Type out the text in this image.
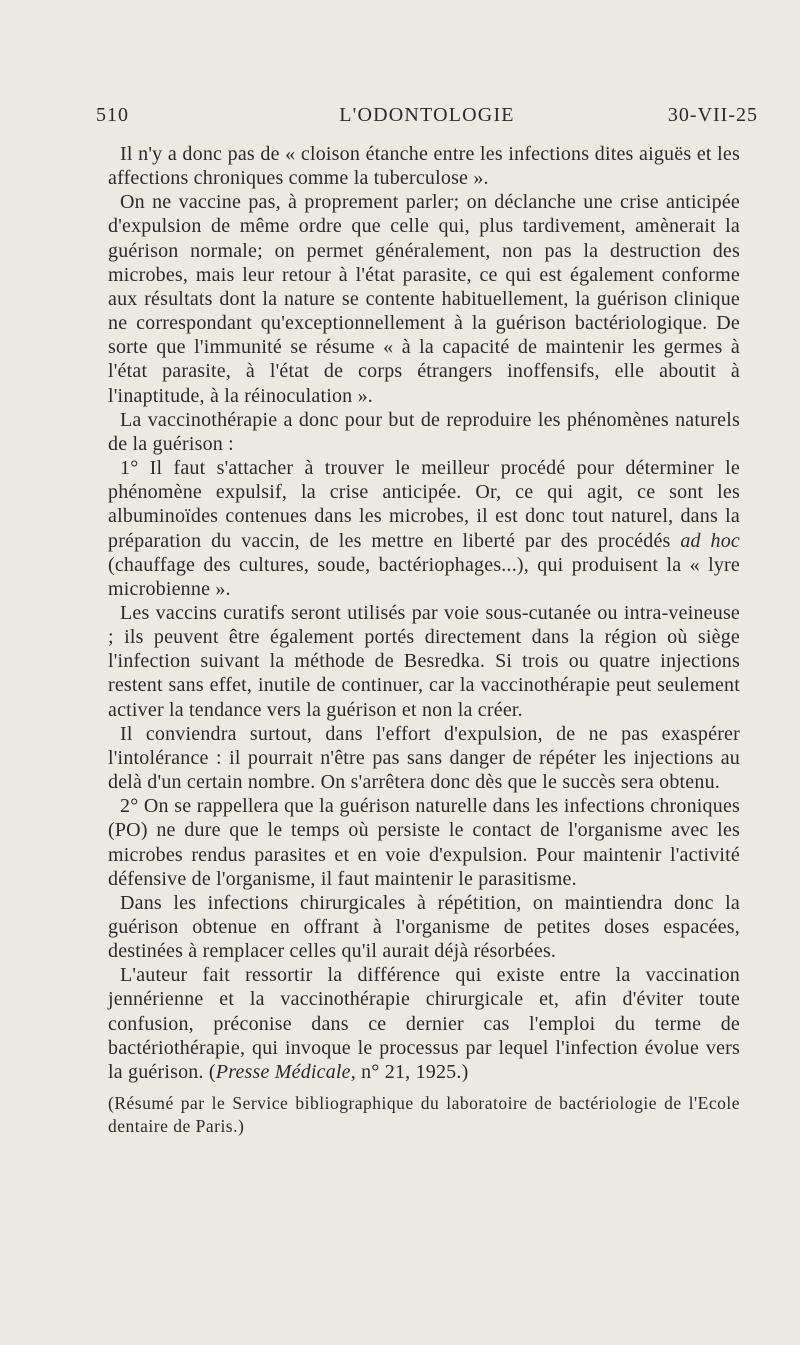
510	L'ODONTOLOGIE	30-VII-25

Il n'y a donc pas de « cloison étanche entre les infections dites aiguës et les affections chroniques comme la tuberculose ».

On ne vaccine pas, à proprement parler; on déclanche une crise anticipée d'expulsion de même ordre que celle qui, plus tardivement, amènerait la guérison normale; on permet généralement, non pas la destruction des microbes, mais leur retour à l'état parasite, ce qui est également conforme aux résultats dont la nature se contente habituellement, la guérison clinique ne correspondant qu'exceptionnellement à la guérison bactériologique. De sorte que l'immunité se résume « à la capacité de maintenir les germes à l'état parasite, à l'état de corps étrangers inoffensifs, elle aboutit à l'inaptitude, à la réinoculation ».

La vaccinothérapie a donc pour but de reproduire les phénomènes naturels de la guérison :

1° Il faut s'attacher à trouver le meilleur procédé pour déterminer le phénomène expulsif, la crise anticipée. Or, ce qui agit, ce sont les albuminoïdes contenues dans les microbes, il est donc tout naturel, dans la préparation du vaccin, de les mettre en liberté par des procédés ad hoc (chauffage des cultures, soude, bactériophages...), qui produisent la « lyre microbienne ».

Les vaccins curatifs seront utilisés par voie sous-cutanée ou intra-veineuse ; ils peuvent être également portés directement dans la région où siège l'infection suivant la méthode de Besredka. Si trois ou quatre injections restent sans effet, inutile de continuer, car la vaccinothérapie peut seulement activer la tendance vers la guérison et non la créer.

Il conviendra surtout, dans l'effort d'expulsion, de ne pas exaspérer l'intolérance : il pourrait n'être pas sans danger de répéter les injections au delà d'un certain nombre. On s'arrêtera donc dès que le succès sera obtenu.

2° On se rappellera que la guérison naturelle dans les infections chroniques (PO) ne dure que le temps où persiste le contact de l'organisme avec les microbes rendus parasites et en voie d'expulsion. Pour maintenir l'activité défensive de l'organisme, il faut maintenir le parasitisme.

Dans les infections chirurgicales à répétition, on maintiendra donc la guérison obtenue en offrant à l'organisme de petites doses espacées, destinées à remplacer celles qu'il aurait déjà résorbées.

L'auteur fait ressortir la différence qui existe entre la vaccination jennérienne et la vaccinothérapie chirurgicale et, afin d'éviter toute confusion, préconise dans ce dernier cas l'emploi du terme de bactériothérapie, qui invoque le processus par lequel l'infection évolue vers la guérison. (Presse Médicale, n° 21, 1925.)

(Résumé par le Service bibliographique du laboratoire de bactériologie de l'Ecole dentaire de Paris.)
